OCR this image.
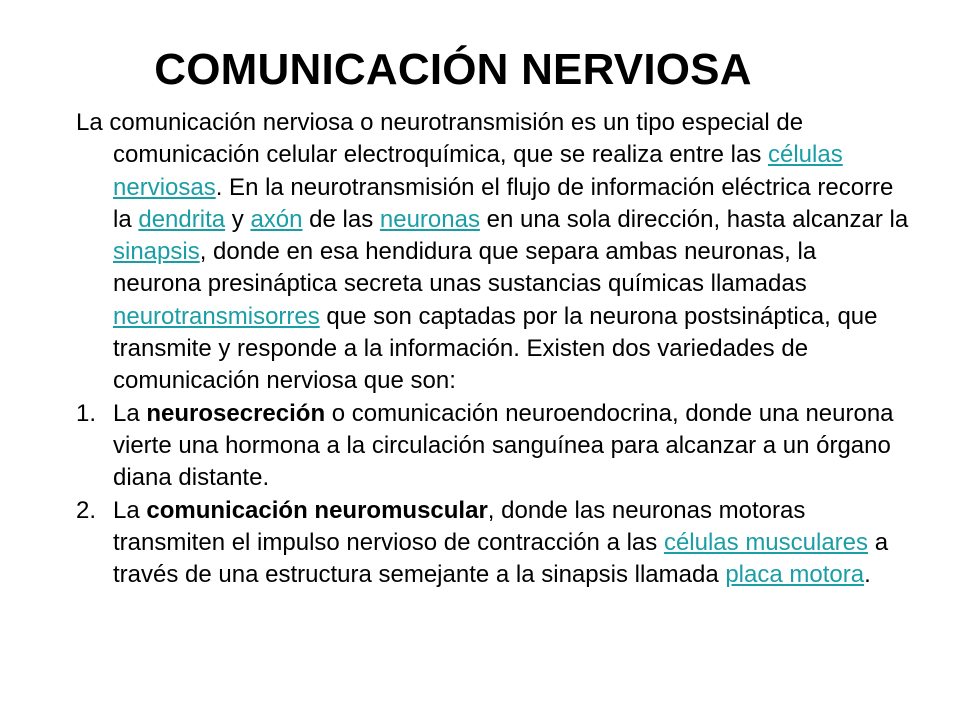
COMUNICACIÓN NERVIOSA

La comunicación nerviosa o neurotransmisión es un tipo especial de comunicación celular electroquímica, que se realiza entre las células nerviosas. En la neurotransmisión el flujo de información eléctrica recorre la dendrita y axón de las neuronas en una sola dirección, hasta alcanzar la sinapsis, donde en esa hendidura que separa ambas neuronas, la neurona presináptica secreta unas sustancias químicas llamadas neurotransmisorres que son captadas por la neurona postsináptica, que transmite y responde a la información. Existen dos variedades de comunicación nerviosa que son:

1. La neurosecreción o comunicación neuroendocrina, donde una neurona vierte una hormona a la circulación sanguínea para alcanzar a un órgano diana distante.
2. La comunicación neuromuscular, donde las neuronas motoras transmiten el impulso nervioso de contracción a las células musculares a través de una estructura semejante a la sinapsis llamada placa motora.
